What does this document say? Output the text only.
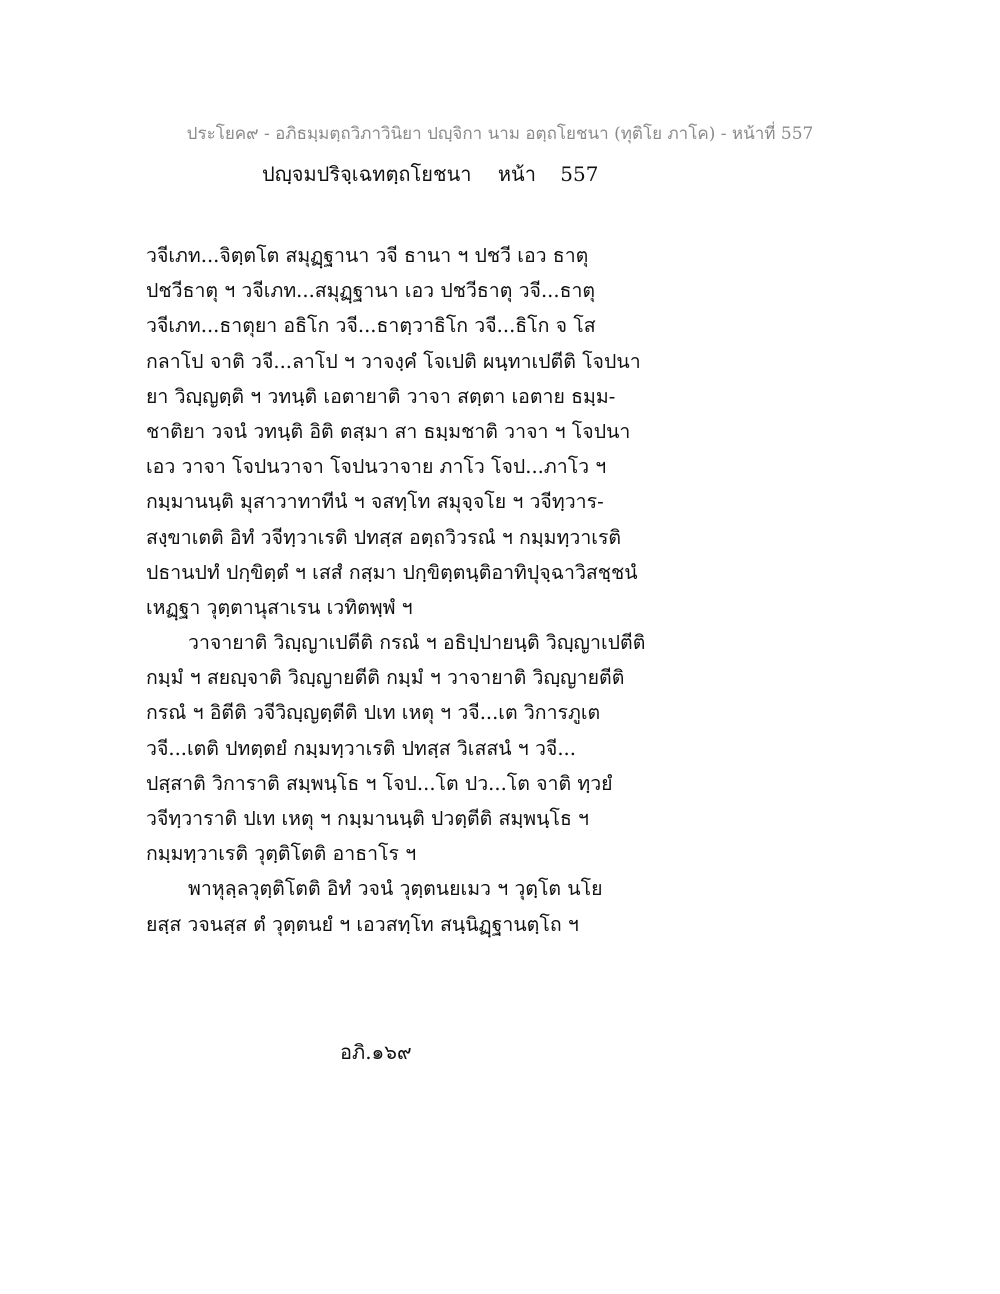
ประโยค๙ - อภิธมฺมตฺถวิภาวินิยา ปญฺจิกา นาม อตฺถโยชนา (ทุติโย ภาโค) - หน้าที่ 557
ปญฺจมปริจฺเฉทตฺถโยชนา หน้า 557
วจีเภท...จิตฺตโต สมุฏฺฐานา วจี ธานา ฯ ปชวี เอว ธาตุ
ปชวีธาตุ ฯ วจีเภท...สมุฏฺฐานา เอว ปชวีธาตุ วจี...ธาตุ
วจีเภท...ธาตุยา อธิโก วจี...ธาตฺวาธิโก วจี...ธิโก จ โส
กลาโป จาติ วจี...ลาโป ฯ วาจงฺคํ โจเปติ ผนฺทาเปตีติ โจปนา
ยา วิญฺญตฺติ ฯ วทนฺติ เอตายาติ วาจา สตฺตา เอตาย ธมฺม-
ชาติยา วจนํ วทนฺติ อิติ ตสฺมา สา ธมฺมชาติ วาจา ฯ โจปนา
เอว วาจา โจปนวาจา โจปนวาจาย ภาโว โจป...ภาโว ฯ
กมฺมานนฺติ มุสาวาทาทีนํ ฯ จสทฺโท สมุจฺจโย ฯ วจีทฺวาร-
สงฺขาเตติ อิทํ วจีทฺวาเรติ ปทสฺส อตฺถวิวรณํ ฯ กมฺมทฺวาเรติ
ปธานปทํ ปกฺขิตฺตํ ฯ เสสํ กสฺมา ปกฺขิตฺตนฺติอาทิปุจฺฉาวิสชฺชนํ
เหฏฺฐา วุตฺตานุสาเรน เวทิตพฺพํ ฯ
วาจายาติ วิญฺญาเปตีติ กรณํ ฯ อธิปฺปายนฺติ วิญฺญาเปตีติ
กมฺมํ ฯ สยญฺจาติ วิญฺญายตีติ กมฺมํ ฯ วาจายาติ วิญฺญายตีติ
กรณํ ฯ อิตีติ วจีวิญฺญตฺตีติ ปเท เหตุ ฯ วจี...เต วิการภูเต
วจี...เตติ ปทตฺตยํ กมฺมทฺวาเรติ ปทสฺส วิเสสนํ ฯ วจี...
ปสฺสาติ วิการาติ สมฺพนฺโธ ฯ โจป...โต ปว...โต จาติ ทฺวยํ
วจีทฺวาราติ ปเท เหตุ ฯ กมฺมานนฺติ ปวตฺตีติ สมฺพนฺโธ ฯ
กมฺมทฺวาเรติ วุตฺติโตติ อาธาโร ฯ
พาหุลฺลวุตฺติโตติ อิทํ วจนํ วุตฺตนยเมว ฯ วุตฺโต นโย
ยสฺส วจนสฺส ตํ วุตฺตนยํ ฯ เอวสทฺโท สนฺนิฏฺฐานตฺโถ ฯ
อภิ.๑๖๙
